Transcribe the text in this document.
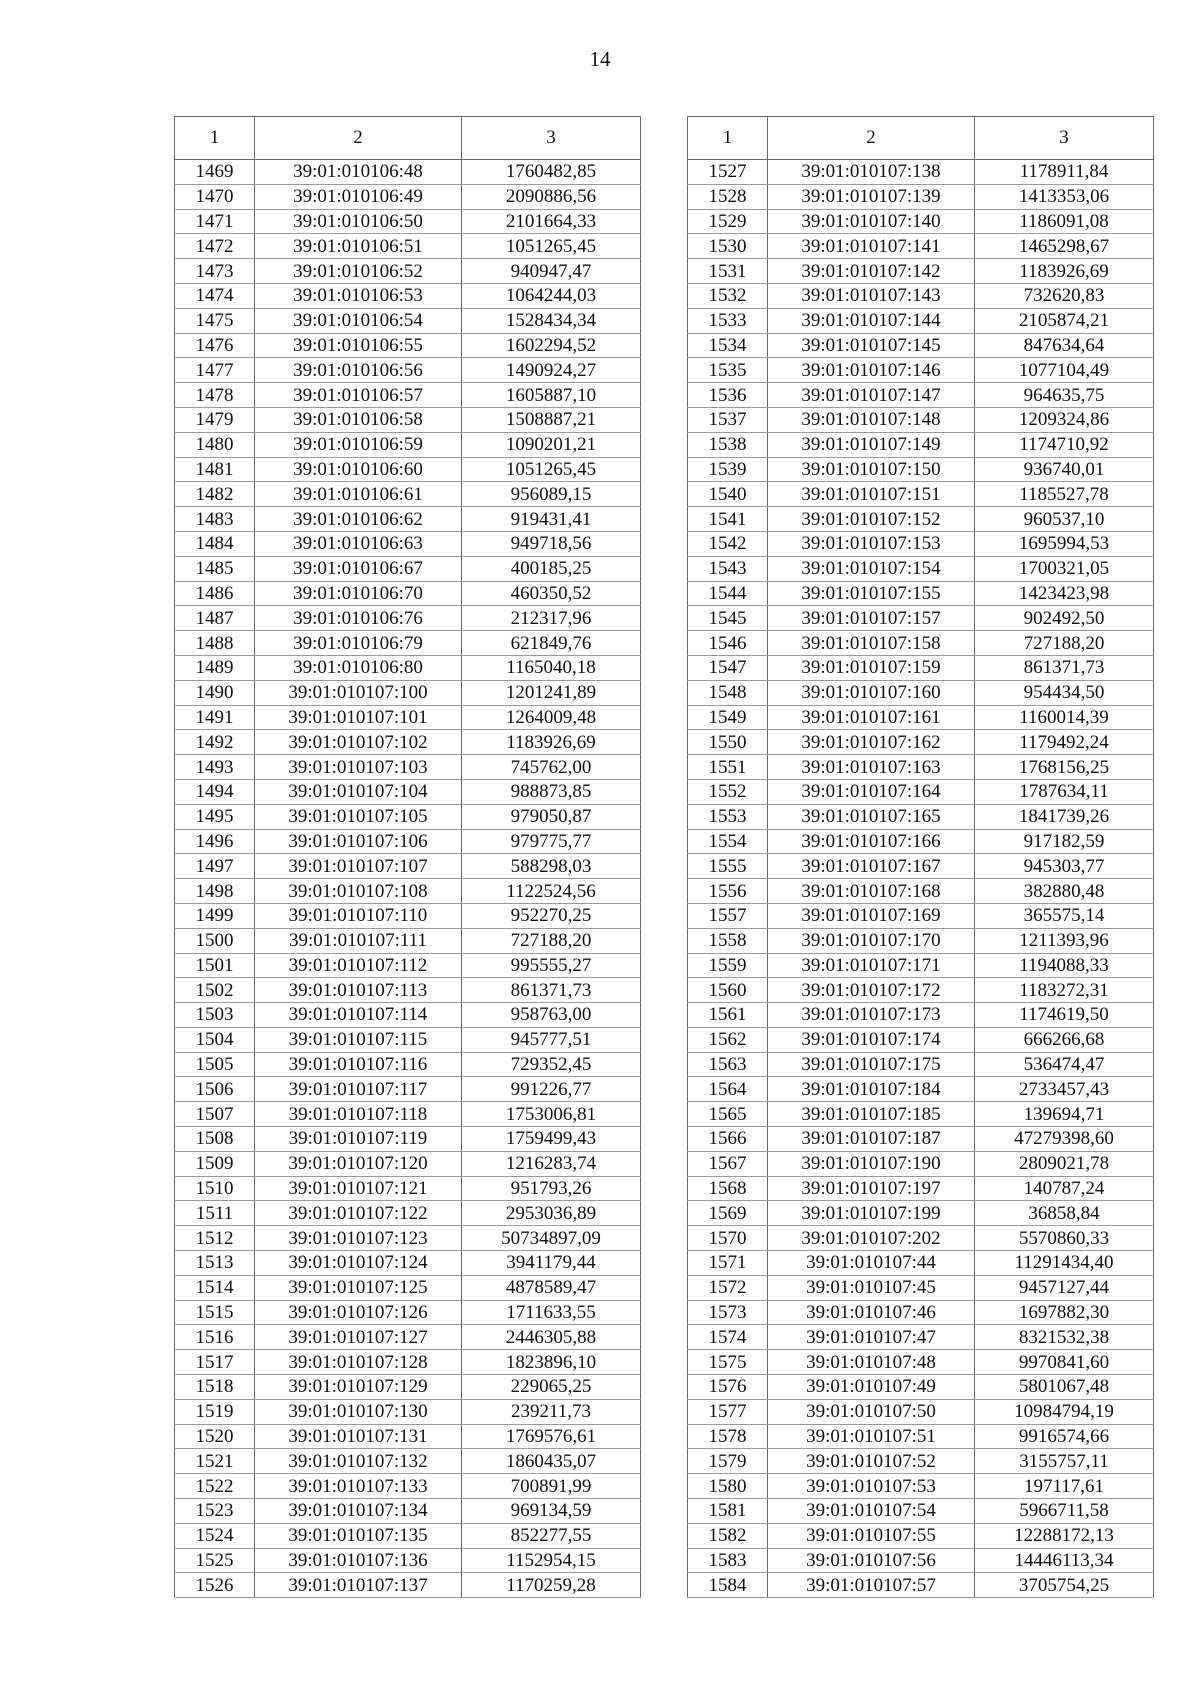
14
1	2	3
1469	39:01:010106:48	1760482,85
1470	39:01:010106:49	2090886,56
1471	39:01:010106:50	2101664,33
1472	39:01:010106:51	1051265,45
1473	39:01:010106:52	940947,47
1474	39:01:010106:53	1064244,03
1475	39:01:010106:54	1528434,34
1476	39:01:010106:55	1602294,52
1477	39:01:010106:56	1490924,27
1478	39:01:010106:57	1605887,10
1479	39:01:010106:58	1508887,21
1480	39:01:010106:59	1090201,21
1481	39:01:010106:60	1051265,45
1482	39:01:010106:61	956089,15
1483	39:01:010106:62	919431,41
1484	39:01:010106:63	949718,56
1485	39:01:010106:67	400185,25
1486	39:01:010106:70	460350,52
1487	39:01:010106:76	212317,96
1488	39:01:010106:79	621849,76
1489	39:01:010106:80	1165040,18
1490	39:01:010107:100	1201241,89
1491	39:01:010107:101	1264009,48
1492	39:01:010107:102	1183926,69
1493	39:01:010107:103	745762,00
1494	39:01:010107:104	988873,85
1495	39:01:010107:105	979050,87
1496	39:01:010107:106	979775,77
1497	39:01:010107:107	588298,03
1498	39:01:010107:108	1122524,56
1499	39:01:010107:110	952270,25
1500	39:01:010107:111	727188,20
1501	39:01:010107:112	995555,27
1502	39:01:010107:113	861371,73
1503	39:01:010107:114	958763,00
1504	39:01:010107:115	945777,51
1505	39:01:010107:116	729352,45
1506	39:01:010107:117	991226,77
1507	39:01:010107:118	1753006,81
1508	39:01:010107:119	1759499,43
1509	39:01:010107:120	1216283,74
1510	39:01:010107:121	951793,26
1511	39:01:010107:122	2953036,89
1512	39:01:010107:123	50734897,09
1513	39:01:010107:124	3941179,44
1514	39:01:010107:125	4878589,47
1515	39:01:010107:126	1711633,55
1516	39:01:010107:127	2446305,88
1517	39:01:010107:128	1823896,10
1518	39:01:010107:129	229065,25
1519	39:01:010107:130	239211,73
1520	39:01:010107:131	1769576,61
1521	39:01:010107:132	1860435,07
1522	39:01:010107:133	700891,99
1523	39:01:010107:134	969134,59
1524	39:01:010107:135	852277,55
1525	39:01:010107:136	1152954,15
1526	39:01:010107:137	1170259,28
1	2	3
1527	39:01:010107:138	1178911,84
1528	39:01:010107:139	1413353,06
1529	39:01:010107:140	1186091,08
1530	39:01:010107:141	1465298,67
1531	39:01:010107:142	1183926,69
1532	39:01:010107:143	732620,83
1533	39:01:010107:144	2105874,21
1534	39:01:010107:145	847634,64
1535	39:01:010107:146	1077104,49
1536	39:01:010107:147	964635,75
1537	39:01:010107:148	1209324,86
1538	39:01:010107:149	1174710,92
1539	39:01:010107:150	936740,01
1540	39:01:010107:151	1185527,78
1541	39:01:010107:152	960537,10
1542	39:01:010107:153	1695994,53
1543	39:01:010107:154	1700321,05
1544	39:01:010107:155	1423423,98
1545	39:01:010107:157	902492,50
1546	39:01:010107:158	727188,20
1547	39:01:010107:159	861371,73
1548	39:01:010107:160	954434,50
1549	39:01:010107:161	1160014,39
1550	39:01:010107:162	1179492,24
1551	39:01:010107:163	1768156,25
1552	39:01:010107:164	1787634,11
1553	39:01:010107:165	1841739,26
1554	39:01:010107:166	917182,59
1555	39:01:010107:167	945303,77
1556	39:01:010107:168	382880,48
1557	39:01:010107:169	365575,14
1558	39:01:010107:170	1211393,96
1559	39:01:010107:171	1194088,33
1560	39:01:010107:172	1183272,31
1561	39:01:010107:173	1174619,50
1562	39:01:010107:174	666266,68
1563	39:01:010107:175	536474,47
1564	39:01:010107:184	2733457,43
1565	39:01:010107:185	139694,71
1566	39:01:010107:187	47279398,60
1567	39:01:010107:190	2809021,78
1568	39:01:010107:197	140787,24
1569	39:01:010107:199	36858,84
1570	39:01:010107:202	5570860,33
1571	39:01:010107:44	11291434,40
1572	39:01:010107:45	9457127,44
1573	39:01:010107:46	1697882,30
1574	39:01:010107:47	8321532,38
1575	39:01:010107:48	9970841,60
1576	39:01:010107:49	5801067,48
1577	39:01:010107:50	10984794,19
1578	39:01:010107:51	9916574,66
1579	39:01:010107:52	3155757,11
1580	39:01:010107:53	197117,61
1581	39:01:010107:54	5966711,58
1582	39:01:010107:55	12288172,13
1583	39:01:010107:56	14446113,34
1584	39:01:010107:57	3705754,25
